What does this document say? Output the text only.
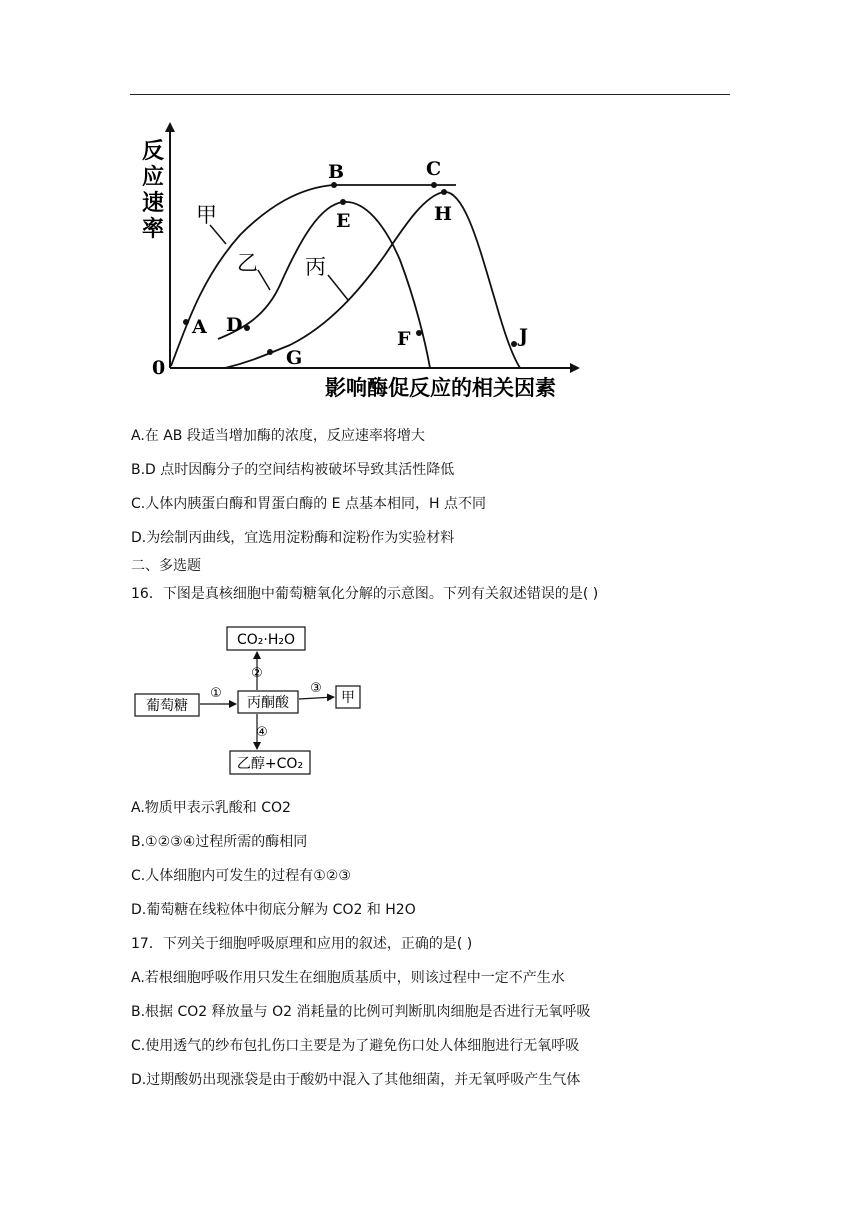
反
应
速
率
0
影响酶促反应的相关因素
甲
乙 丙
A
B	C
D
E
F
G
H
J
A.在 AB 段适当增加酶的浓度，反应速率将增大
B.D 点时因酶分子的空间结构被破坏导致其活性降低
C.人体内胰蛋白酶和胃蛋白酶的 E 点基本相同，H 点不同
D.为绘制丙曲线，宜选用淀粉酶和淀粉作为实验材料
二、多选题
16．下图是真核细胞中葡萄糖氧化分解的示意图。下列有关叙述错误的是( )
CO₂·H₂O
葡萄糖	丙酮酸	甲
乙醇+CO₂
①
②
③
④
A.物质甲表示乳酸和 CO2
B.①②③④过程所需的酶相同
C.人体细胞内可发生的过程有①②③
D.葡萄糖在线粒体中彻底分解为 CO2 和 H2O
17．下列关于细胞呼吸原理和应用的叙述，正确的是( )
A.若根细胞呼吸作用只发生在细胞质基质中，则该过程中一定不产生水
B.根据 CO2 释放量与 O2 消耗量的比例可判断肌肉细胞是否进行无氧呼吸
C.使用透气的纱布包扎伤口主要是为了避免伤口处人体细胞进行无氧呼吸
D.过期酸奶出现涨袋是由于酸奶中混入了其他细菌，并无氧呼吸产生气体
